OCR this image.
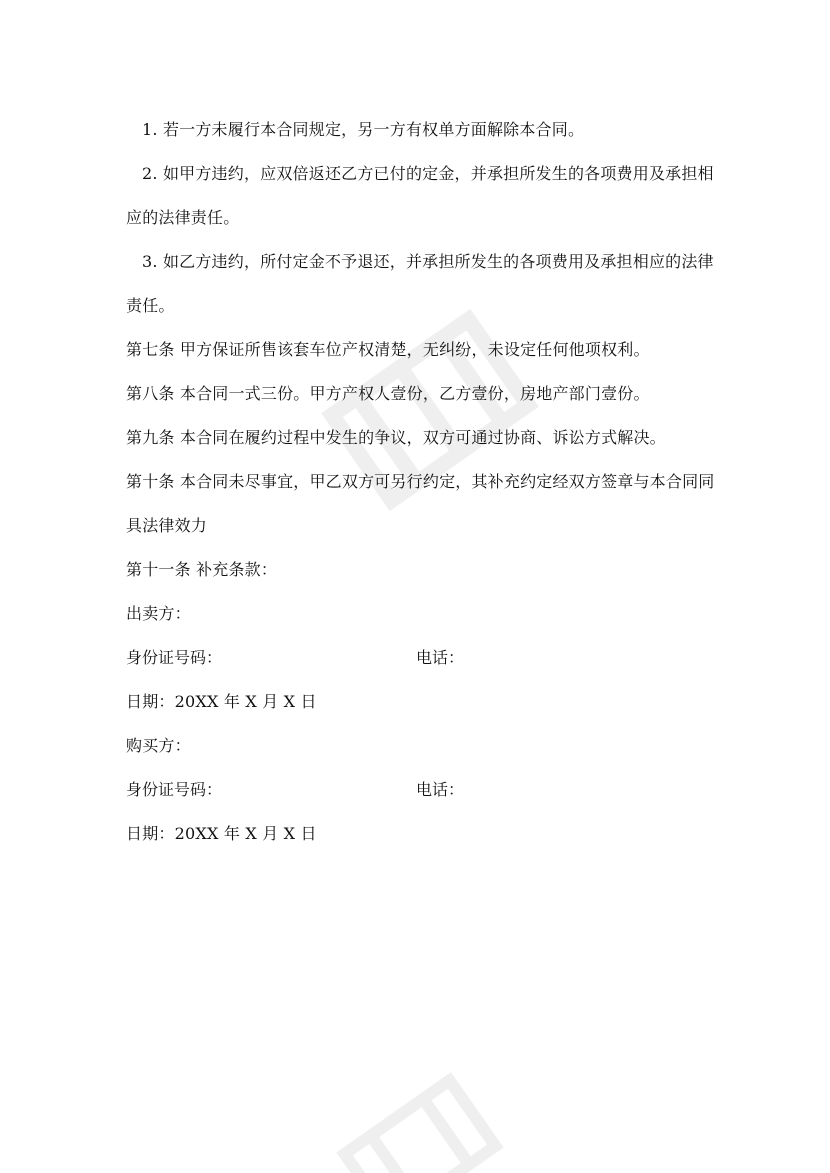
1. 若一方未履行本合同规定，另一方有权单方面解除本合同。

2. 如甲方违约，应双倍返还乙方已付的定金，并承担所发生的各项费用及承担相应的法律责任。

3. 如乙方违约，所付定金不予退还，并承担所发生的各项费用及承担相应的法律责任。

第七条 甲方保证所售该套车位产权清楚，无纠纷，未设定任何他项权利。

第八条 本合同一式三份。甲方产权人壹份，乙方壹份，房地产部门壹份。

第九条 本合同在履约过程中发生的争议，双方可通过协商、诉讼方式解决。

第十条 本合同未尽事宜，甲乙双方可另行约定，其补充约定经双方签章与本合同同具法律效力

第十一条 补充条款：

出卖方：

身份证号码：	电话：

日期：20XX 年 X 月 X 日

购买方：

身份证号码：	电话：

日期：20XX 年 X 月 X 日
